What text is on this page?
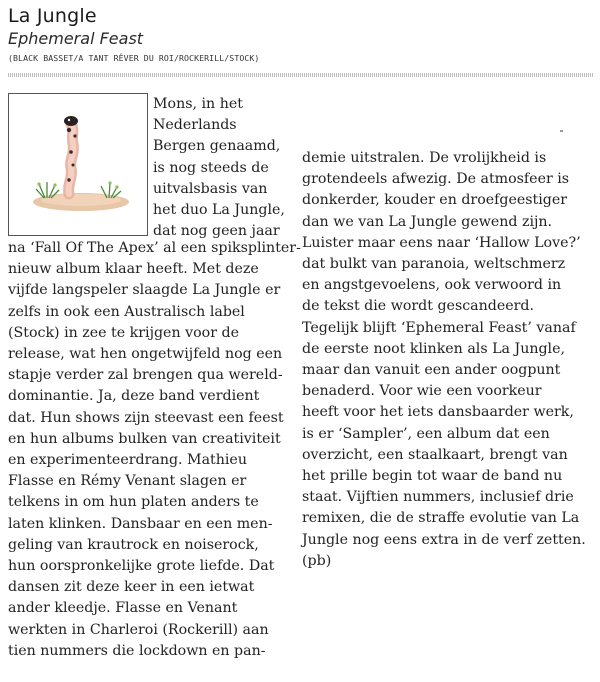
La Jungle
Ephemeral Feast
(BLACK BASSET/A TANT RÊVER DU ROI/ROCKERILL/STOCK)
Mons, in het
Nederlands
Bergen genaamd,
is nog steeds de
uitvalsbasis van
het duo La Jungle,
dat nog geen jaar
na ‘Fall Of The Apex’ al een spiksplinter-
nieuw album klaar heeft. Met deze
vijfde langspeler slaagde La Jungle er
zelfs in ook een Australisch label
(Stock) in zee te krijgen voor de
release, wat hen ongetwijfeld nog een
stapje verder zal brengen qua wereld-
dominantie. Ja, deze band verdient
dat. Hun shows zijn steevast een feest
en hun albums bulken van creativiteit
en experimenteerdrang. Mathieu
Flasse en Rémy Venant slagen er
telkens in om hun platen anders te
laten klinken. Dansbaar en een men-
geling van krautrock en noiserock,
hun oorspronkelijke grote liefde. Dat
dansen zit deze keer in een ietwat
ander kleedje. Flasse en Venant
werkten in Charleroi (Rockerill) aan
tien nummers die lockdown en pan-
demie uitstralen. De vrolijkheid is
grotendeels afwezig. De atmosfeer is
donkerder, kouder en droefgeestiger
dan we van La Jungle gewend zijn.
Luister maar eens naar ‘Hallow Love?’
dat bulkt van paranoia, weltschmerz
en angstgevoelens, ook verwoord in
de tekst die wordt gescandeerd.
Tegelijk blijft ‘Ephemeral Feast’ vanaf
de eerste noot klinken als La Jungle,
maar dan vanuit een ander oogpunt
benaderd. Voor wie een voorkeur
heeft voor het iets dansbaarder werk,
is er ‘Sampler’, een album dat een
overzicht, een staalkaart, brengt van
het prille begin tot waar de band nu
staat. Vijftien nummers, inclusief drie
remixen, die de straffe evolutie van La
Jungle nog eens extra in de verf zetten.
(pb)
